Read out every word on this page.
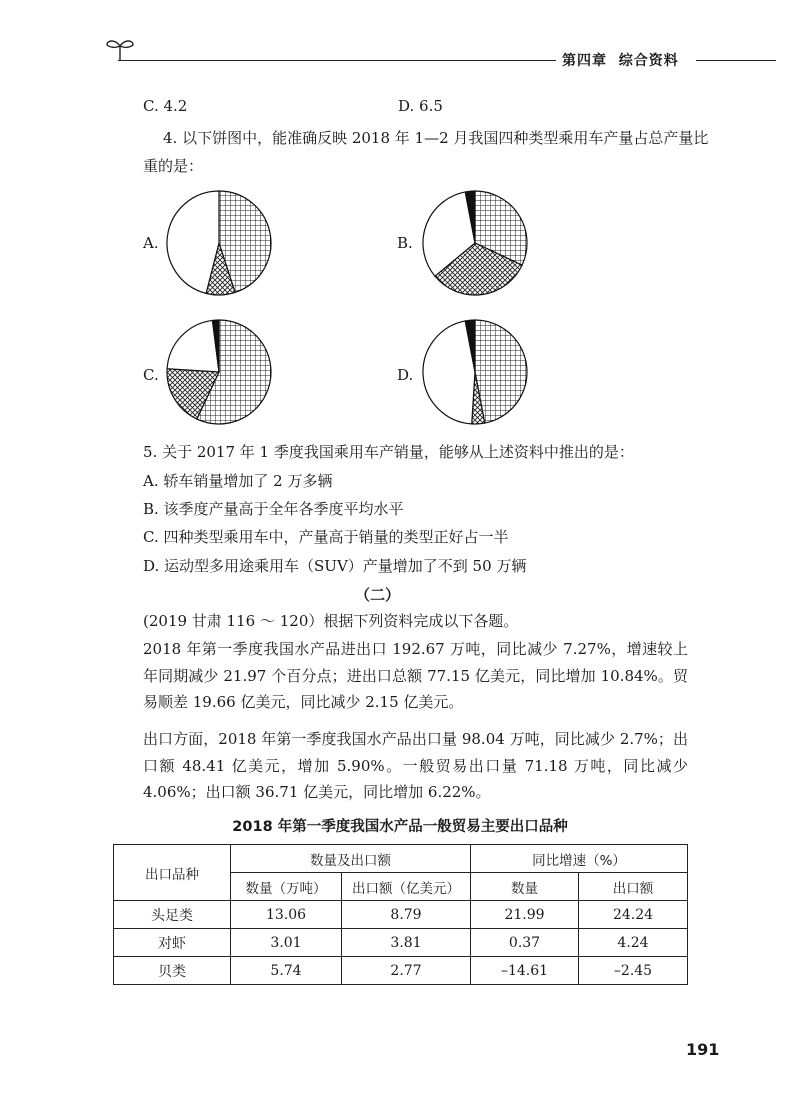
第四章 综合资料
C. 4.2	D. 6.5
4. 以下饼图中，能准确反映 2018 年 1—2 月我国四种类型乘用车产量占总产量比
重的是：
A.	B.
C.	D.
5. 关于 2017 年 1 季度我国乘用车产销量，能够从上述资料中推出的是：
A. 轿车销量增加了 2 万多辆
B. 该季度产量高于全年各季度平均水平
C. 四种类型乘用车中，产量高于销量的类型正好占一半
D. 运动型多用途乘用车（SUV）产量增加了不到 50 万辆
（二）
(2019 甘肃 116 ～ 120）根据下列资料完成以下各题。
2018 年第一季度我国水产品进出口 192.67 万吨，同比减少 7.27%，增速较上年同期减少 21.97 个百分点；进出口总额 77.15 亿美元，同比增加 10.84%。贸易顺差 19.66 亿美元，同比减少 2.15 亿美元。
出口方面，2018 年第一季度我国水产品出口量 98.04 万吨，同比减少 2.7%；出口额 48.41 亿美元，增加 5.90%。一般贸易出口量 71.18 万吨，同比减少 4.06%；出口额 36.71 亿美元，同比增加 6.22%。
2018 年第一季度我国水产品一般贸易主要出口品种
出口品种	数量及出口额		同比增速（%）	
	数量（万吨）	出口额（亿美元）	数量	出口额
头足类	13.06	8.79	21.99	24.24
对虾	3.01	3.81	0.37	4.24
贝类	5.74	2.77	–14.61	–2.45
191
